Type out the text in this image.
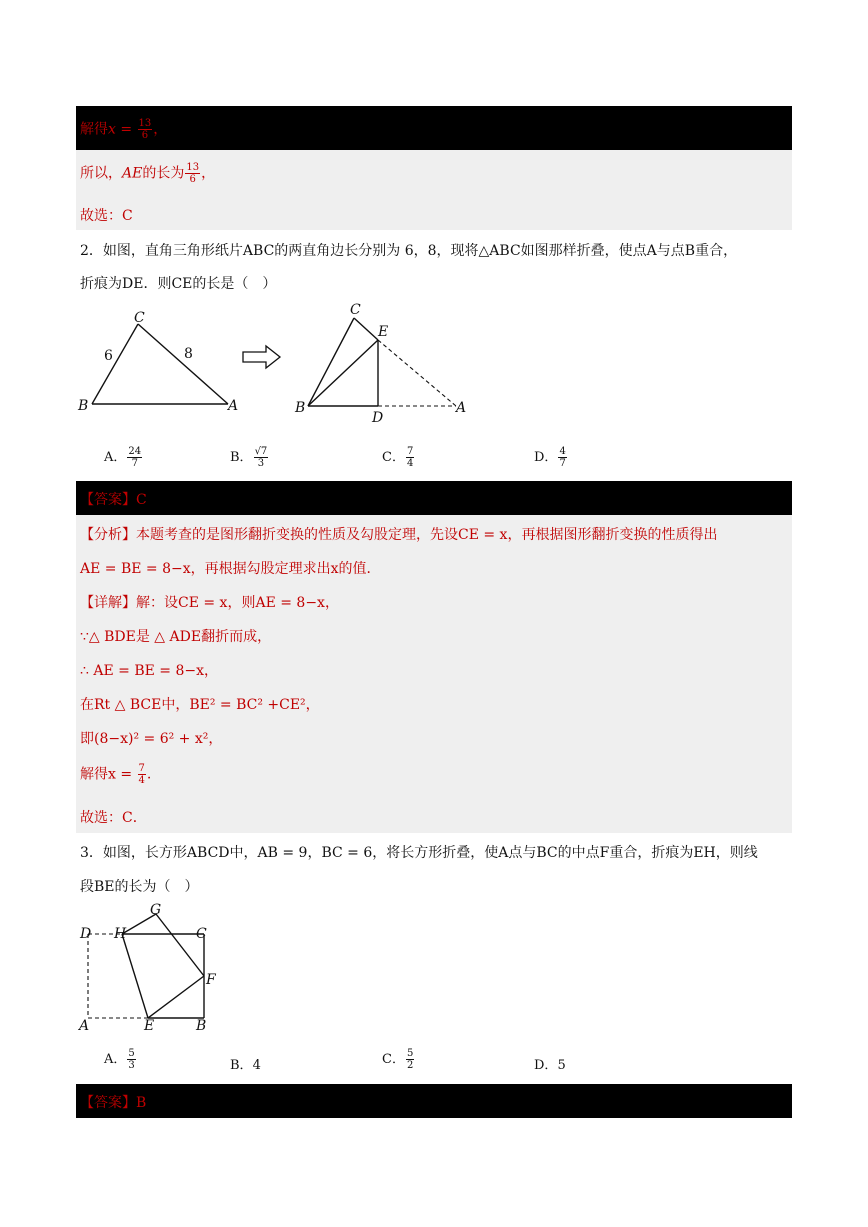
解得$x = \frac{13}{6}$ ，
所以，AE的长为 $\frac{13}{6}$ ，
故选：C
2．如图，直角三角形纸片ABC的两直角边长分别为 6，8，现将△ABC如图那样折叠，使点A与点B重合，
折痕为DE．则CE的长是（　）
C
B	A
6	8
C
E
B
D
A
A． $\frac{24}{7}$	B． $\frac{√7}{3}$	C． $\frac{7}{4}$	D． $\frac{4}{7}$
【答案】C
【分析】本题考查的是图形翻折变换的性质及勾股定理，先设CE = x，再根据图形翻折变换的性质得出
AE = BE = 8−x，再根据勾股定理求出x的值．
【详解】解：设CE = x，则AE = 8−x，
∵△ BDE是 △ ADE翻折而成，
∴ AE = BE = 8−x，
在Rt △ BCE中，BE² = BC² +CE²，
即(8−x)² = 6² + x²，
解得$x = \frac{7}{4}$ .
故选：C．
3．如图，长方形ABCD中，AB = 9，BC = 6，将长方形折叠，使A点与BC的中点F重合，折痕为EH，则线
段BE的长为（　）
D H
G
C
F
A	E	B
A． $\frac{5}{3}$	B．4	C． $\frac{5}{2}$	D．5
【答案】B
